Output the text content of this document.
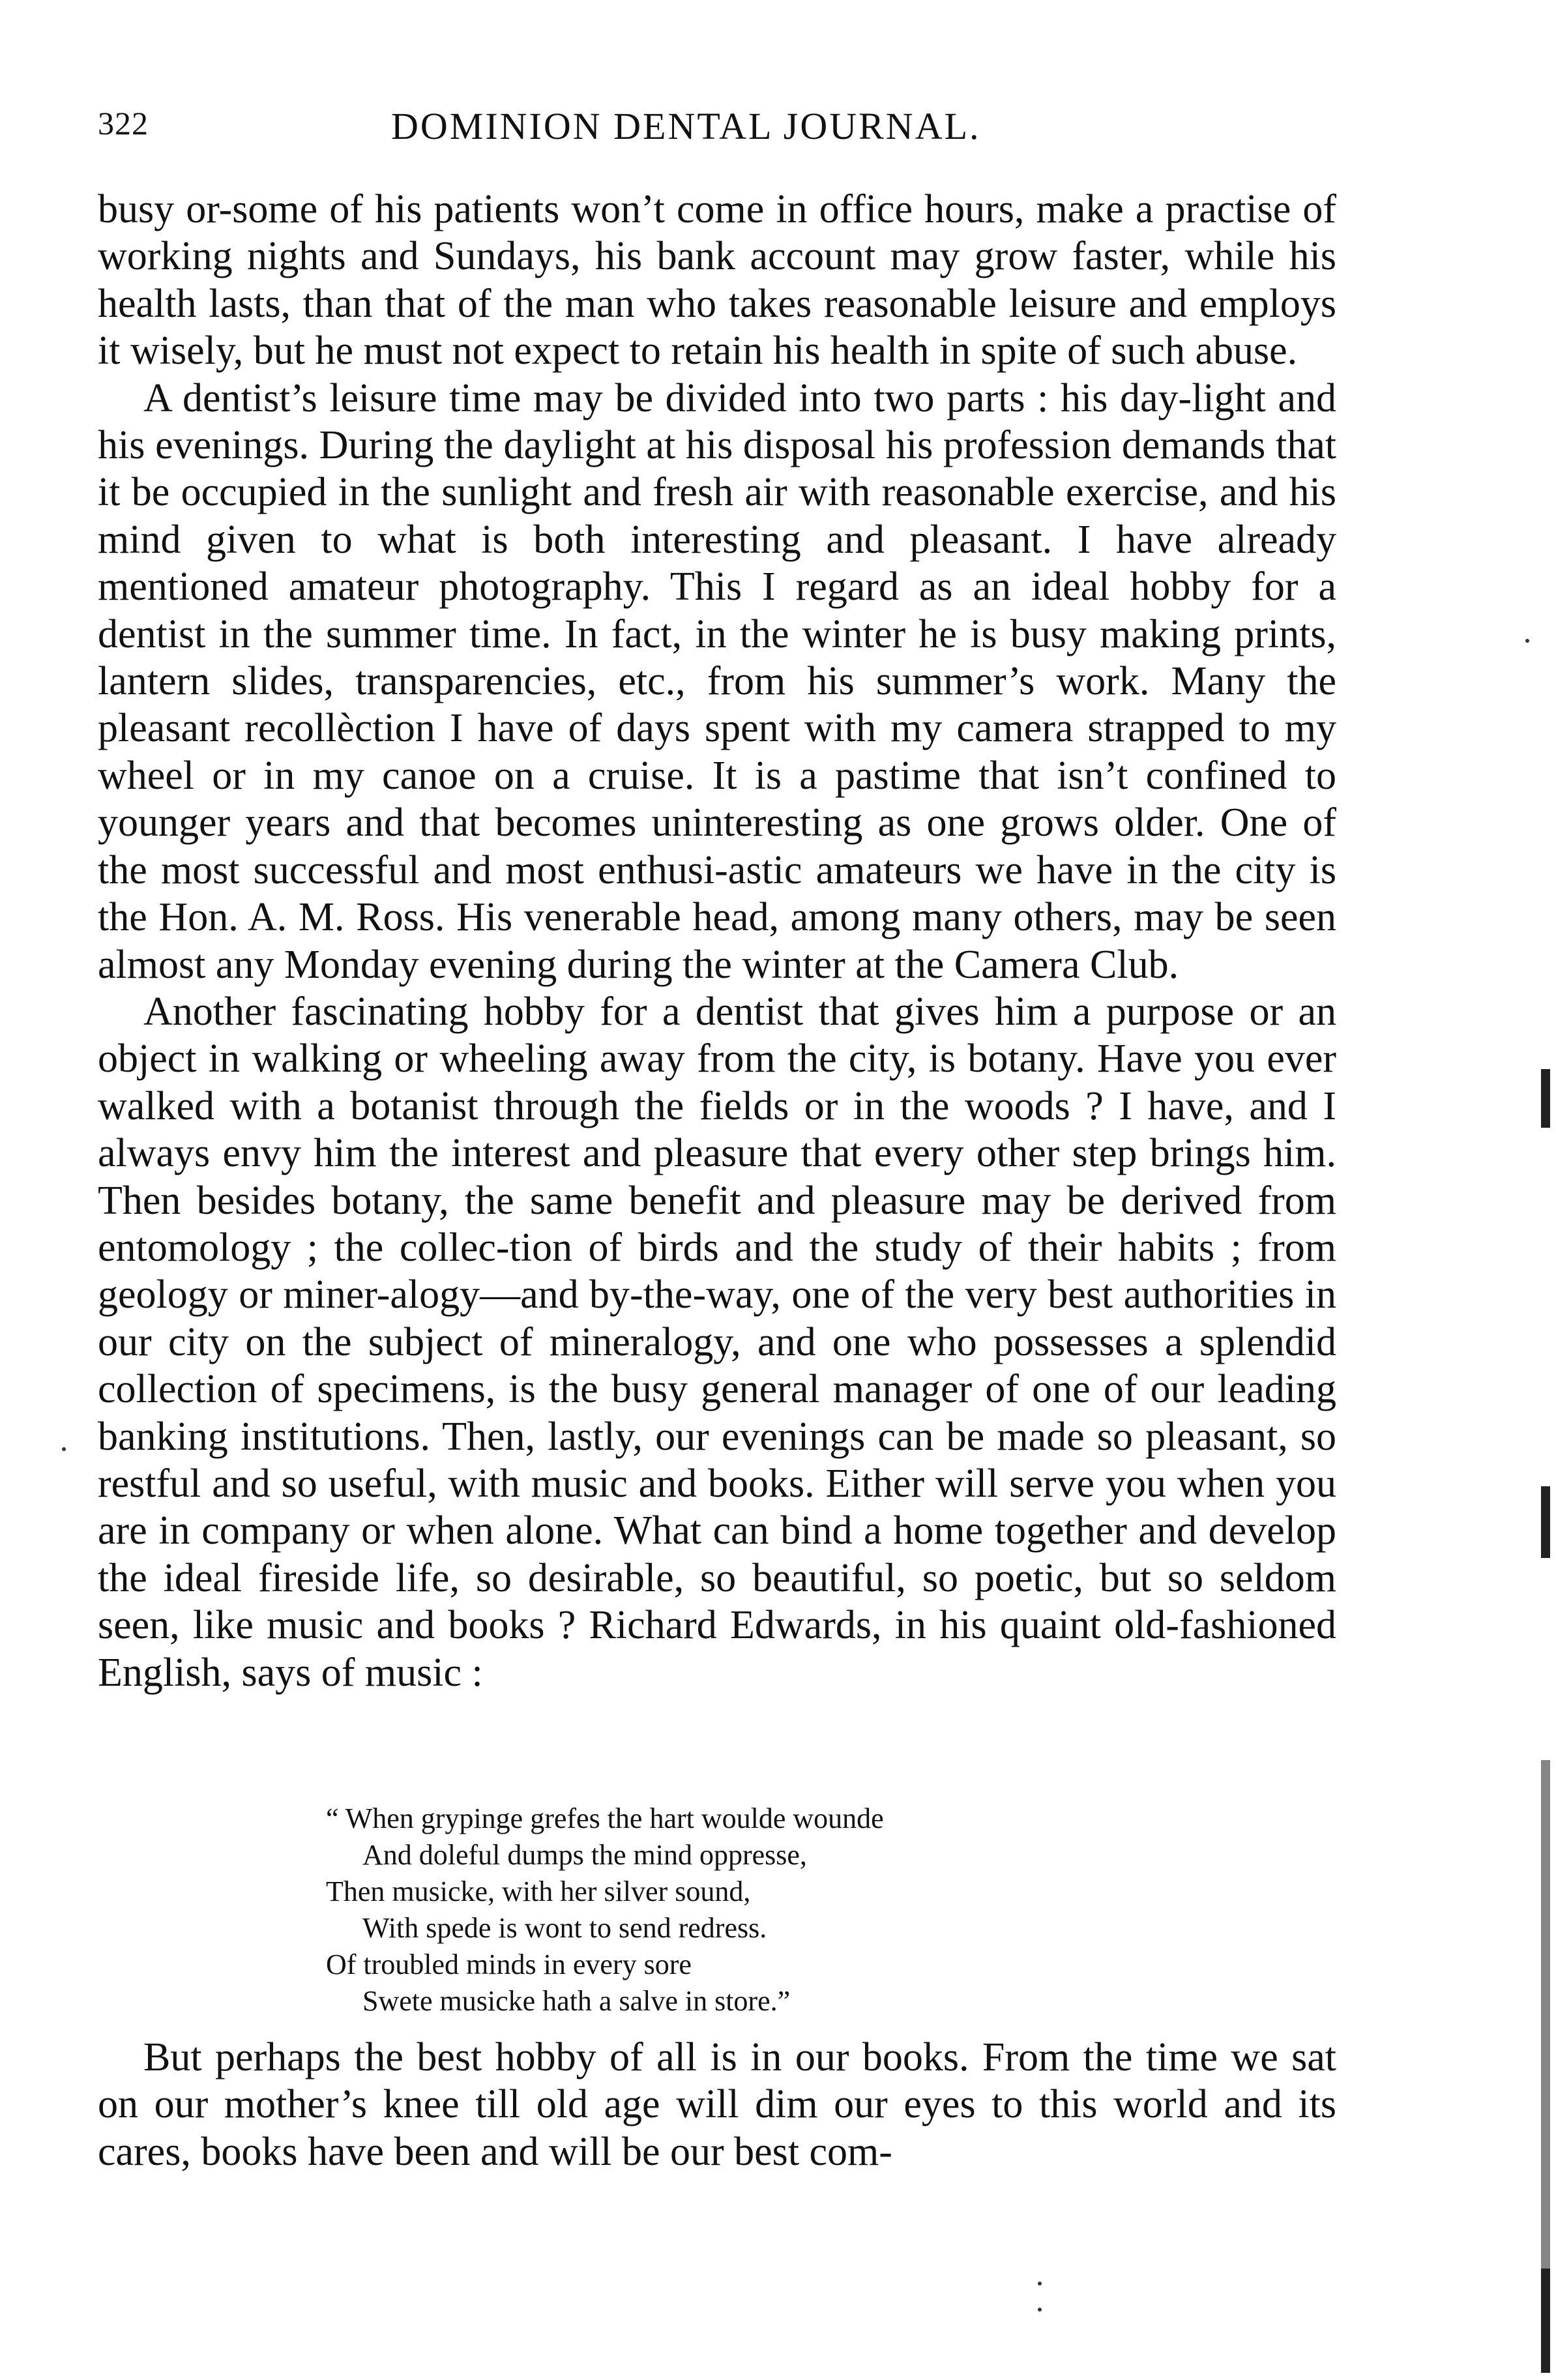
322	DOMINION DENTAL JOURNAL.

busy or-some of his patients won’t come in office hours, make a practise of working nights and Sundays, his bank account may grow faster, while his health lasts, than that of the man who takes reasonable leisure and employs it wisely, but he must not expect to retain his health in spite of such abuse.

A dentist’s leisure time may be divided into two parts : his day-light and his evenings. During the daylight at his disposal his profession demands that it be occupied in the sunlight and fresh air with reasonable exercise, and his mind given to what is both interesting and pleasant. I have already mentioned amateur photography. This I regard as an ideal hobby for a dentist in the summer time. In fact, in the winter he is busy making prints, lantern slides, transparencies, etc., from his summer’s work. Many the pleasant recollèction I have of days spent with my camera strapped to my wheel or in my canoe on a cruise. It is a pastime that isn’t confined to younger years and that becomes uninteresting as one grows older. One of the most successful and most enthusi-astic amateurs we have in the city is the Hon. A. M. Ross. His venerable head, among many others, may be seen almost any Monday evening during the winter at the Camera Club.

Another fascinating hobby for a dentist that gives him a purpose or an object in walking or wheeling away from the city, is botany. Have you ever walked with a botanist through the fields or in the woods ? I have, and I always envy him the interest and pleasure that every other step brings him. Then besides botany, the same benefit and pleasure may be derived from entomology ; the collec-tion of birds and the study of their habits ; from geology or miner-alogy—and by-the-way, one of the very best authorities in our city on the subject of mineralogy, and one who possesses a splendid collection of specimens, is the busy general manager of one of our leading banking institutions. Then, lastly, our evenings can be made so pleasant, so restful and so useful, with music and books. Either will serve you when you are in company or when alone. What can bind a home together and develop the ideal fireside life, so desirable, so beautiful, so poetic, but so seldom seen, like music and books ? Richard Edwards, in his quaint old-fashioned English, says of music :

“ When grypinge grefes the hart woulde wounde
And doleful dumps the mind oppresse,
Then musicke, with her silver sound,
With spede is wont to send redress.
Of troubled minds in every sore
Swete musicke hath a salve in store.”

But perhaps the best hobby of all is in our books. From the time we sat on our mother’s knee till old age will dim our eyes to this world and its cares, books have been and will be our best com-
